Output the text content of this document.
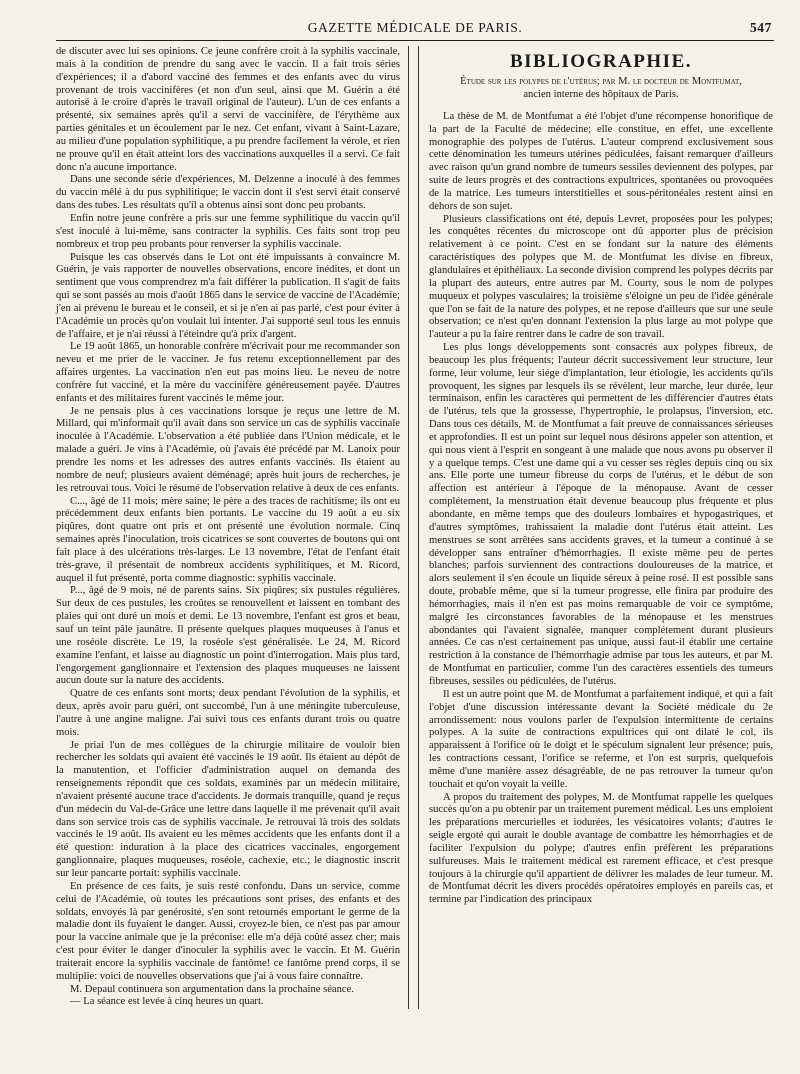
GAZETTE MÉDICALE DE PARIS.	547

de discuter avec lui ses opinions. Ce jeune confrère croit à la syphilis vaccinale, mais à la condition de prendre du sang avec le vaccin. Il a fait trois séries d'expériences; il a d'abord vacciné des femmes et des enfants avec du virus provenant de trois vaccinifères (et non d'un seul, ainsi que M. Guérin a été autorisé à le croire d'après le travail original de l'auteur). L'un de ces enfants a présenté, six semaines après qu'il a servi de vaccinifère, de l'érythème aux parties génitales et un écoulement par le nez. Cet enfant, vivant à Saint-Lazare, au milieu d'une population syphilitique, a pu prendre facilement la vérole, et rien ne prouve qu'il en était atteint lors des vaccinations auxquelles il a servi. Ce fait donc n'a aucune importance.

Dans une seconde série d'expériences, M. Delzenne a inoculé à des femmes du vaccin mêlé à du pus syphilitique; le vaccin dont il s'est servi était conservé dans des tubes. Les résultats qu'il a obtenus ainsi sont donc peu probants.

Enfin notre jeune confrère a pris sur une femme syphilitique du vaccin qu'il s'est inoculé à lui-même, sans contracter la syphilis. Ces faits sont trop peu nombreux et trop peu probants pour renverser la syphilis vaccinale.

Puisque les cas observés dans le Lot ont été impuissants à convaincre M. Guérin, je vais rapporter de nouvelles observations, encore inédites, et dont un sentiment que vous comprendrez m'a fait différer la publication. Il s'agit de faits qui se sont passés au mois d'août 1865 dans le service de vaccine de l'Académie; j'en ai prévenu le bureau et le conseil, et si je n'en ai pas parlé, c'est pour éviter à l'Académie un procès qu'on voulait lui intenter. J'ai supporté seul tous les ennuis de l'affaire, et je n'ai réussi à l'éteindre qu'à prix d'argent.

Le 19 août 1865, un honorable confrère m'écrivait pour me recommander son neveu et me prier de le vacciner. Je fus retenu exceptionnellement par des affaires urgentes. La vaccination n'en eut pas moins lieu. Le neveu de notre confrère fut vacciné, et la mère du vaccinifère généreusement payée. D'autres enfants et des militaires furent vaccinés le même jour.

Je ne pensais plus à ces vaccinations lorsque je reçus une lettre de M. Millard, qui m'informait qu'il avait dans son service un cas de syphilis vaccinale inoculée à l'Académie. L'observation a été publiée dans l'Union médicale, et le malade a guéri. Je vins à l'Académie, où j'avais été précédé par M. Lanoix pour prendre les noms et les adresses des autres enfants vaccinés. Ils étaient au nombre de neuf; plusieurs avaient déménagé; après huit jours de recherches, je les retrouvai tous. Voici le résumé de l'observation relative à deux de ces enfants.

C..., âgé de 11 mois; mère saine; le père a des traces de rachitisme; ils ont eu précédemment deux enfants bien portants. Le vaccine du 19 août a eu six piqûres, dont quatre ont pris et ont présenté une évolution normale. Cinq semaines après l'inoculation, trois cicatrices se sont couvertes de boutons qui ont fait place à des ulcérations très-larges. Le 13 novembre, l'état de l'enfant était très-grave, il présentait de nombreux accidents syphilitiques, et M. Ricord, auquel il fut présenté, porta comme diagnostic: syphilis vaccinale.

P..., âgé de 9 mois, né de parents sains. Six piqûres; six pustules régulières. Sur deux de ces pustules, les croûtes se renouvellent et laissent en tombant des plaies qui ont duré un mois et demi. Le 13 novembre, l'enfant est gros et beau, sauf un teint pâle jaunâtre. Il présente quelques plaques muqueuses à l'anus et une roséole discrète. Le 19, la roséole s'est généralisée. Le 24, M. Ricord examine l'enfant, et laisse au diagnostic un point d'interrogation. Mais plus tard, l'engorgement ganglionnaire et l'extension des plaques muqueuses ne laissent aucun doute sur la nature des accidents.

Quatre de ces enfants sont morts; deux pendant l'évolution de la syphilis, et deux, après avoir paru guéri, ont succombé, l'un à une méningite tuberculeuse, l'autre à une angine maligne. J'ai suivi tous ces enfants durant trois ou quatre mois.

Je priai l'un de mes collègues de la chirurgie militaire de vouloir bien rechercher les soldats qui avaient été vaccinés le 19 août. Ils étaient au dépôt de la manutention, et l'officier d'administration auquel on demanda des renseignements répondit que ces soldats, examinés par un médecin militaire, n'avaient présenté aucune trace d'accidents. Je dormais tranquille, quand je reçus d'un médecin du Val-de-Grâce une lettre dans laquelle il me prévenait qu'il avait dans son service trois cas de syphilis vaccinale. Je retrouvai là trois des soldats vaccinés le 19 août. Ils avaient eu les mêmes accidents que les enfants dont il a été question: induration à la place des cicatrices vaccinales, engorgement ganglionnaire, plaques muqueuses, roséole, cachexie, etc.; le diagnostic inscrit sur leur pancarte portait: syphilis vaccinale.

En présence de ces faits, je suis resté confondu. Dans un service, comme celui de l'Académie, où toutes les précautions sont prises, des enfants et des soldats, envoyés là par genérosité, s'en sont retournés emportant le germe de la maladie dont ils fuyaient le danger. Aussi, croyez-le bien, ce n'est pas par amour pour la vaccine animale que je la préconise: elle m'a déjà coûté assez cher; mais c'est pour éviter le danger d'inoculer la syphilis avec le vaccin. Et M. Guérin traiterait encore la syphilis vaccinale de fantôme! ce fantôme prend corps, il se multiplie: voici de nouvelles observations que j'ai à vous faire connaître.

M. Depaul continuera son argumentation dans la prochaine séance.

— La séance est levée à cinq heures un quart.

BIBLIOGRAPHIE.
Étude sur les polypes de l'utérus; par M. le docteur de Montfumat,
ancien interne des hôpitaux de Paris.

La thèse de M. de Montfumat a été l'objet d'une récompense honorifique de la part de la Faculté de médecine; elle constitue, en effet, une excellente monographie des polypes de l'utérus. L'auteur comprend exclusivement sous cette dénomination les tumeurs utérines pédiculées, faisant remarquer d'ailleurs avec raison qu'un grand nombre de tumeurs sessiles deviennent des polypes, par suite de leurs progrès et des contractions expultrices, spontanées ou provoquées de la matrice. Les tumeurs interstitielles et sous-péritonéales restent ainsi en dehors de son sujet.

Plusieurs classifications ont été, depuis Levret, proposées pour les polypes; les conquêtes récentes du microscope ont dû apporter plus de précision relativement à ce point. C'est en se fondant sur la nature des éléments caractéristiques des polypes que M. de Montfumat les divise en fibreux, glandulaires et épithéliaux. La seconde division comprend les polypes décrits par la plupart des auteurs, entre autres par M. Courty, sous le nom de polypes muqueux et polypes vasculaires; la troisième s'éloigne un peu de l'idée générale que l'on se fait de la nature des polypes, et ne repose d'ailleurs que sur une seule observation; ce n'est qu'en donnant l'extension la plus large au mot polype que l'auteur a pu la faire rentrer dans le cadre de son travail.

Les plus longs développements sont consacrés aux polypes fibreux, de beaucoup les plus fréquents; l'auteur décrit successivement leur structure, leur forme, leur volume, leur siége d'implantation, leur étiologie, les accidents qu'ils provoquent, les signes par lesquels ils se révèlent, leur marche, leur durée, leur terminaison, enfin les caractères qui permettent de les différencier d'autres états de l'utérus, tels que la grossesse, l'hypertrophie, le prolapsus, l'inversion, etc. Dans tous ces détails, M. de Montfumat a fait preuve de connaissances sérieuses et approfondies. Il est un point sur lequel nous désirons appeler son attention, et qui nous vient à l'esprit en songeant à une malade que nous avons pu observer il y a quelque temps. C'est une dame qui a vu cesser ses règles depuis cinq ou six ans. Elle porte une tumeur fibreuse du corps de l'utérus, et le début de son affection est antérieur à l'époque de la ménopause. Avant de cesser complétement, la menstruation était devenue beaucoup plus fréquente et plus abondante, en même temps que des douleurs lombaires et hypogastriques, et d'autres symptômes, trahissaient la maladie dont l'utérus était atteint. Les menstrues se sont arrêtées sans accidents graves, et la tumeur a continué à se développer sans entraîner d'hémorrhagies. Il existe même peu de pertes blanches; parfois surviennent des contractions douloureuses de la matrice, et alors seulement il s'en écoule un liquide séreux à peine rosé. Il est possible sans doute, probable même, que si la tumeur progresse, elle finira par produire des hémorrhagies, mais il n'en est pas moins remarquable de voir ce symptôme, malgré les circonstances favorables de la ménopause et les menstrues abondantes qui l'avaient signalée, manquer complétement durant plusieurs années. Ce cas n'est certainement pas unique, aussi faut-il établir une certaine restriction à la constance de l'hémorrhagie admise par tous les auteurs, et par M. de Montfumat en particulier, comme l'un des caractères essentiels des tumeurs fibreuses, sessiles ou pédiculées, de l'utérus.

Il est un autre point que M. de Montfumat a parfaitement indiqué, et qui a fait l'objet d'une discussion intéressante devant la Société médicale du 2e arrondissement: nous voulons parler de l'expulsion intermittente de certains polypes. A la suite de contractions expultrices qui ont dilaté le col, ils apparaissent à l'orifice où le doigt et le spéculum signalent leur présence; puis, les contractions cessant, l'orifice se referme, et l'on est surpris, quelquefois même d'une manière assez désagréable, de ne pas retrouver la tumeur qu'on touchait et qu'on voyait la veille.

A propos du traitement des polypes, M. de Montfumat rappelle les quelques succès qu'on a pu obtenir par un traitement purement médical. Les uns emploient les préparations mercurielles et iodurées, les vésicatoires volants; d'autres le seigle ergoté qui aurait le double avantage de combattre les hémorrhagies et de faciliter l'expulsion du polype; d'autres enfin préfèrent les préparations sulfureuses. Mais le traitement médical est rarement efficace, et c'est presque toujours à la chirurgie qu'il appartient de délivrer les malades de leur tumeur. M. de Montfumat décrit les divers procédés opératoires employés en pareils cas, et termine par l'indication des principaux
